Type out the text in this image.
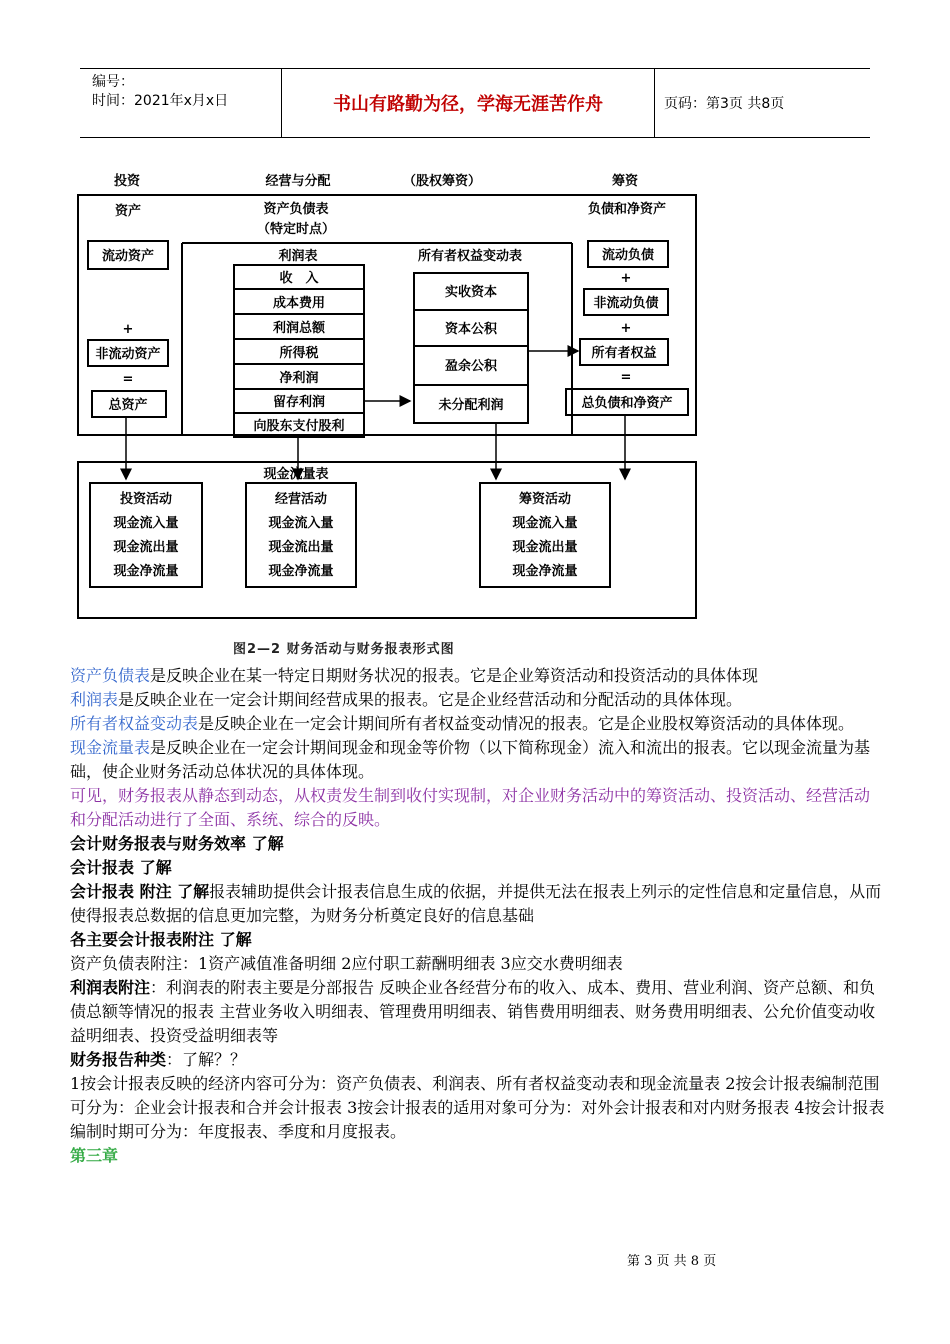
编号：
时间：2021年x月x日	书山有路勤为径，学海无涯苦作舟	页码：第3页 共8页
投资	经营与分配	（股权筹资）	筹资
资产	资产负债表
（特定时点）
负债和净资产
利润表	所有者权益变动表
流动资产
+
非流动资产
=
总资产
收　入
成本费用
利润总额
所得税
净利润
留存利润
向股东支付股利
实收资本
资本公积
盈余公积
未分配利润
流动负债
+
非流动负债
+
所有者权益
=
总负债和净资产
现金流量表
投资活动
现金流入量
现金流出量
现金净流量
经营活动
现金流入量
现金流出量
现金净流量
筹资活动
现金流入量
现金流出量
现金净流量
图2—2 财务活动与财务报表形式图

资产负债表是反映企业在某一特定日期财务状况的报表。它是企业筹资活动和投资活动的具体体现

利润表是反映企业在一定会计期间经营成果的报表。它是企业经营活动和分配活动的具体体现。

所有者权益变动表是反映企业在一定会计期间所有者权益变动情况的报表。它是企业股权筹资活动的具体体现。

现金流量表是反映企业在一定会计期间现金和现金等价物（以下简称现金）流入和流出的报表。它以现金流量为基础，使企业财务活动总体状况的具体体现。

可见，财务报表从静态到动态，从权责发生制到收付实现制，对企业财务活动中的筹资活动、投资活动、经营活动和分配活动进行了全面、系统、综合的反映。

会计财务报表与财务效率 了解

会计报表 了解

会计报表 附注 了解报表辅助提供会计报表信息生成的依据，并提供无法在报表上列示的定性信息和定量信息，从而使得报表总数据的信息更加完整，为财务分析奠定良好的信息基础

各主要会计报表附注 了解

资产负债表附注：1资产减值准备明细 2应付职工薪酬明细表 3应交水费明细表

利润表附注：利润表的附表主要是分部报告 反映企业各经营分布的收入、成本、费用、营业利润、资产总额、和负债总额等情况的报表 主营业务收入明细表、管理费用明细表、销售费用明细表、财务费用明细表、公允价值变动收益明细表、投资受益明细表等

财务报告种类：了解？？

1按会计报表反映的经济内容可分为：资产负债表、利润表、所有者权益变动表和现金流量表 2按会计报表编制范围可分为：企业会计报表和合并会计报表 3按会计报表的适用对象可分为：对外会计报表和对内财务报表 4按会计报表编制时期可分为：年度报表、季度和月度报表。

第三章

第 3 页 共 8 页
